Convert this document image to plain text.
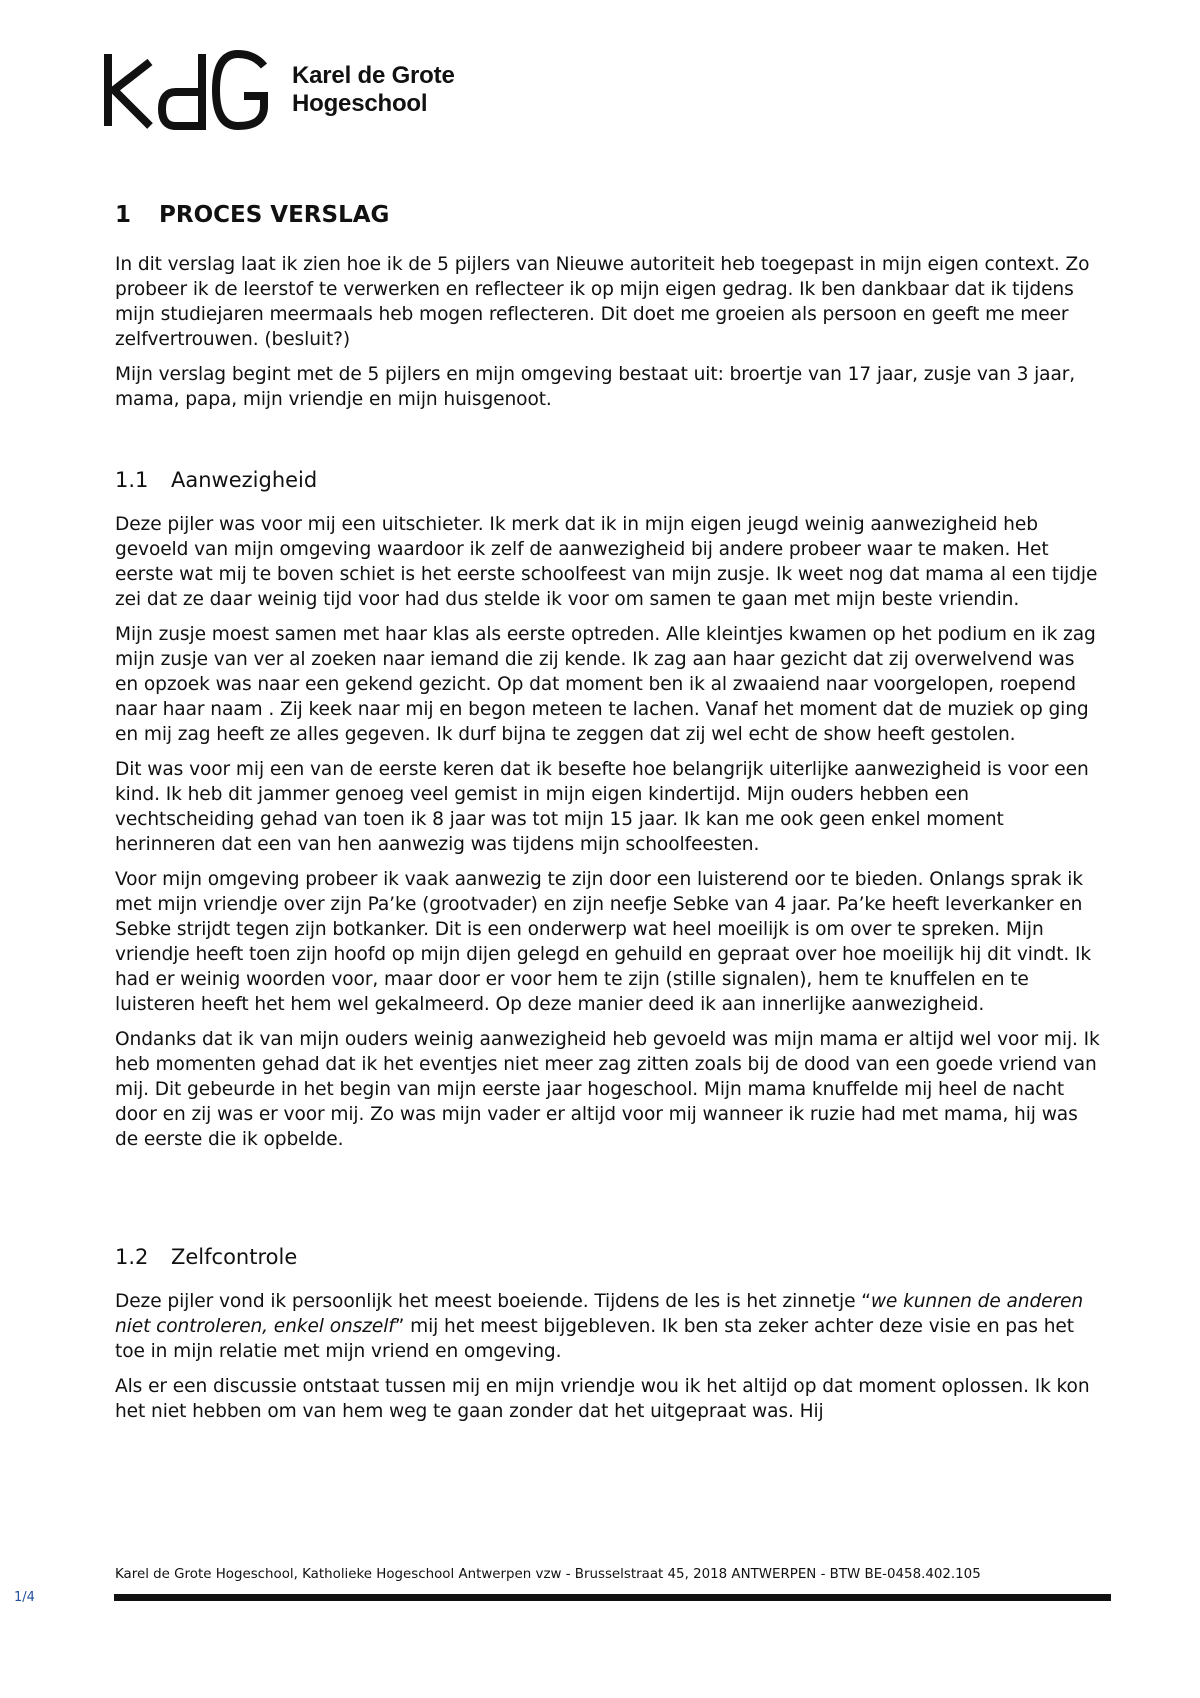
Karel de Grote
Hogeschool
1 PROCES VERSLAG

In dit verslag laat ik zien hoe ik de 5 pijlers van Nieuwe autoriteit heb toegepast in mijn eigen context. Zo probeer ik de leerstof te verwerken en reflecteer ik op mijn eigen gedrag. Ik ben dankbaar dat ik tijdens mijn studiejaren meermaals heb mogen reflecteren. Dit doet me groeien als persoon en geeft me meer zelfvertrouwen. (besluit?)

Mijn verslag begint met de 5 pijlers en mijn omgeving bestaat uit: broertje van 17 jaar, zusje van 3 jaar, mama, papa, mijn vriendje en mijn huisgenoot.

1.1 Aanwezigheid

Deze pijler was voor mij een uitschieter. Ik merk dat ik in mijn eigen jeugd weinig aanwezigheid heb gevoeld van mijn omgeving waardoor ik zelf de aanwezigheid bij andere probeer waar te maken. Het eerste wat mij te boven schiet is het eerste schoolfeest van mijn zusje. Ik weet nog dat mama al een tijdje zei dat ze daar weinig tijd voor had dus stelde ik voor om samen te gaan met mijn beste vriendin.

Mijn zusje moest samen met haar klas als eerste optreden. Alle kleintjes kwamen op het podium en ik zag mijn zusje van ver al zoeken naar iemand die zij kende. Ik zag aan haar gezicht dat zij overwelvend was en opzoek was naar een gekend gezicht. Op dat moment ben ik al zwaaiend naar voorgelopen, roepend naar haar naam . Zij keek naar mij en begon meteen te lachen. Vanaf het moment dat de muziek op ging en mij zag heeft ze alles gegeven. Ik durf bijna te zeggen dat zij wel echt de show heeft gestolen.

Dit was voor mij een van de eerste keren dat ik besefte hoe belangrijk uiterlijke aanwezigheid is voor een kind. Ik heb dit jammer genoeg veel gemist in mijn eigen kindertijd. Mijn ouders hebben een vechtscheiding gehad van toen ik 8 jaar was tot mijn 15 jaar. Ik kan me ook geen enkel moment herinneren dat een van hen aanwezig was tijdens mijn schoolfeesten.

Voor mijn omgeving probeer ik vaak aanwezig te zijn door een luisterend oor te bieden. Onlangs sprak ik met mijn vriendje over zijn Pa’ke (grootvader) en zijn neefje Sebke van 4 jaar. Pa’ke heeft leverkanker en Sebke strijdt tegen zijn botkanker. Dit is een onderwerp wat heel moeilijk is om over te spreken. Mijn vriendje heeft toen zijn hoofd op mijn dijen gelegd en gehuild en gepraat over hoe moeilijk hij dit vindt. Ik had er weinig woorden voor, maar door er voor hem te zijn (stille signalen), hem te knuffelen en te luisteren heeft het hem wel gekalmeerd. Op deze manier deed ik aan innerlijke aanwezigheid.

Ondanks dat ik van mijn ouders weinig aanwezigheid heb gevoeld was mijn mama er altijd wel voor mij. Ik heb momenten gehad dat ik het eventjes niet meer zag zitten zoals bij de dood van een goede vriend van mij. Dit gebeurde in het begin van mijn eerste jaar hogeschool. Mijn mama knuffelde mij heel de nacht door en zij was er voor mij. Zo was mijn vader er altijd voor mij wanneer ik ruzie had met mama, hij was de eerste die ik opbelde.

1.2 Zelfcontrole

Deze pijler vond ik persoonlijk het meest boeiende. Tijdens de les is het zinnetje “we kunnen de anderen niet controleren, enkel onszelf” mij het meest bijgebleven. Ik ben sta zeker achter deze visie en pas het toe in mijn relatie met mijn vriend en omgeving.

Als er een discussie ontstaat tussen mij en mijn vriendje wou ik het altijd op dat moment oplossen. Ik kon het niet hebben om van hem weg te gaan zonder dat het uitgepraat was. Hij

Karel de Grote Hogeschool, Katholieke Hogeschool Antwerpen vzw - Brusselstraat 45, 2018 ANTWERPEN - BTW BE-0458.402.105
1/4
